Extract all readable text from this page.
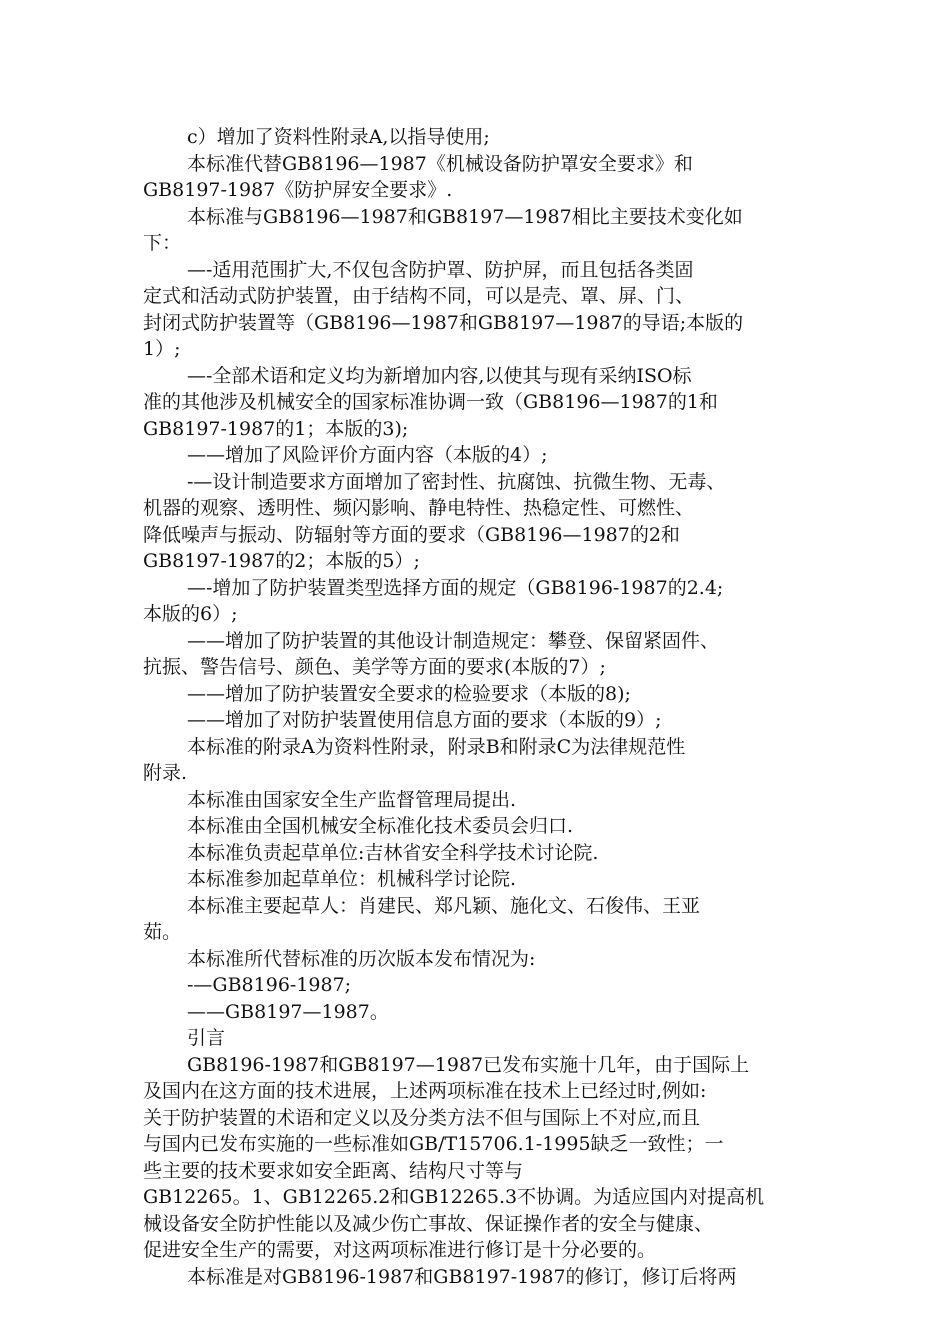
c）增加了资料性附录A,以指导使用;
本标准代替GB8196—1987《机械设备防护罩安全要求》和
GB8197-1987《防护屏安全要求》.
本标准与GB8196—1987和GB8197—1987相比主要技术变化如
下：
—-适用范围扩大,不仅包含防护罩、防护屏，而且包括各类固
定式和活动式防护装置，由于结构不同，可以是壳、罩、屏、门、
封闭式防护装置等（GB8196—1987和GB8197—1987的导语;本版的
1）;
—-全部术语和定义均为新增加内容,以使其与现有采纳ISO标
准的其他涉及机械安全的国家标准协调一致（GB8196—1987的1和
GB8197-1987的1；本版的3);
——增加了风险评价方面内容（本版的4）;
-—设计制造要求方面增加了密封性、抗腐蚀、抗微生物、无毒、
机器的观察、透明性、频闪影响、静电特性、热稳定性、可燃性、
降低噪声与振动、防辐射等方面的要求（GB8196—1987的2和
GB8197-1987的2；本版的5）;
—-增加了防护装置类型选择方面的规定（GB8196-1987的2.4;
本版的6）;
——增加了防护装置的其他设计制造规定：攀登、保留紧固件、
抗振、警告信号、颜色、美学等方面的要求(本版的7）;
——增加了防护装置安全要求的检验要求（本版的8);
——增加了对防护装置使用信息方面的要求（本版的9）;
本标准的附录A为资料性附录，附录B和附录C为法律规范性
附录.
本标准由国家安全生产监督管理局提出.
本标准由全国机械安全标准化技术委员会归口.
本标准负责起草单位:吉林省安全科学技术讨论院.
本标准参加起草单位：机械科学讨论院.
本标准主要起草人：肖建民、郑凡颖、施化文、石俊伟、王亚
茹。
本标准所代替标准的历次版本发布情况为:
-—GB8196-1987;
——GB8197—1987。
引言
GB8196-1987和GB8197—1987已发布实施十几年，由于国际上
及国内在这方面的技术进展，上述两项标准在技术上已经过时,例如:
关于防护装置的术语和定义以及分类方法不但与国际上不对应,而且
与国内已发布实施的一些标准如GB/T15706.1-1995缺乏一致性；一
些主要的技术要求如安全距离、结构尺寸等与
GB12265。1、GB12265.2和GB12265.3不协调。为适应国内对提高机
械设备安全防护性能以及减少伤亡事故、保证操作者的安全与健康、
促进安全生产的需要，对这两项标准进行修订是十分必要的。
本标准是对GB8196-1987和GB8197-1987的修订，修订后将两
